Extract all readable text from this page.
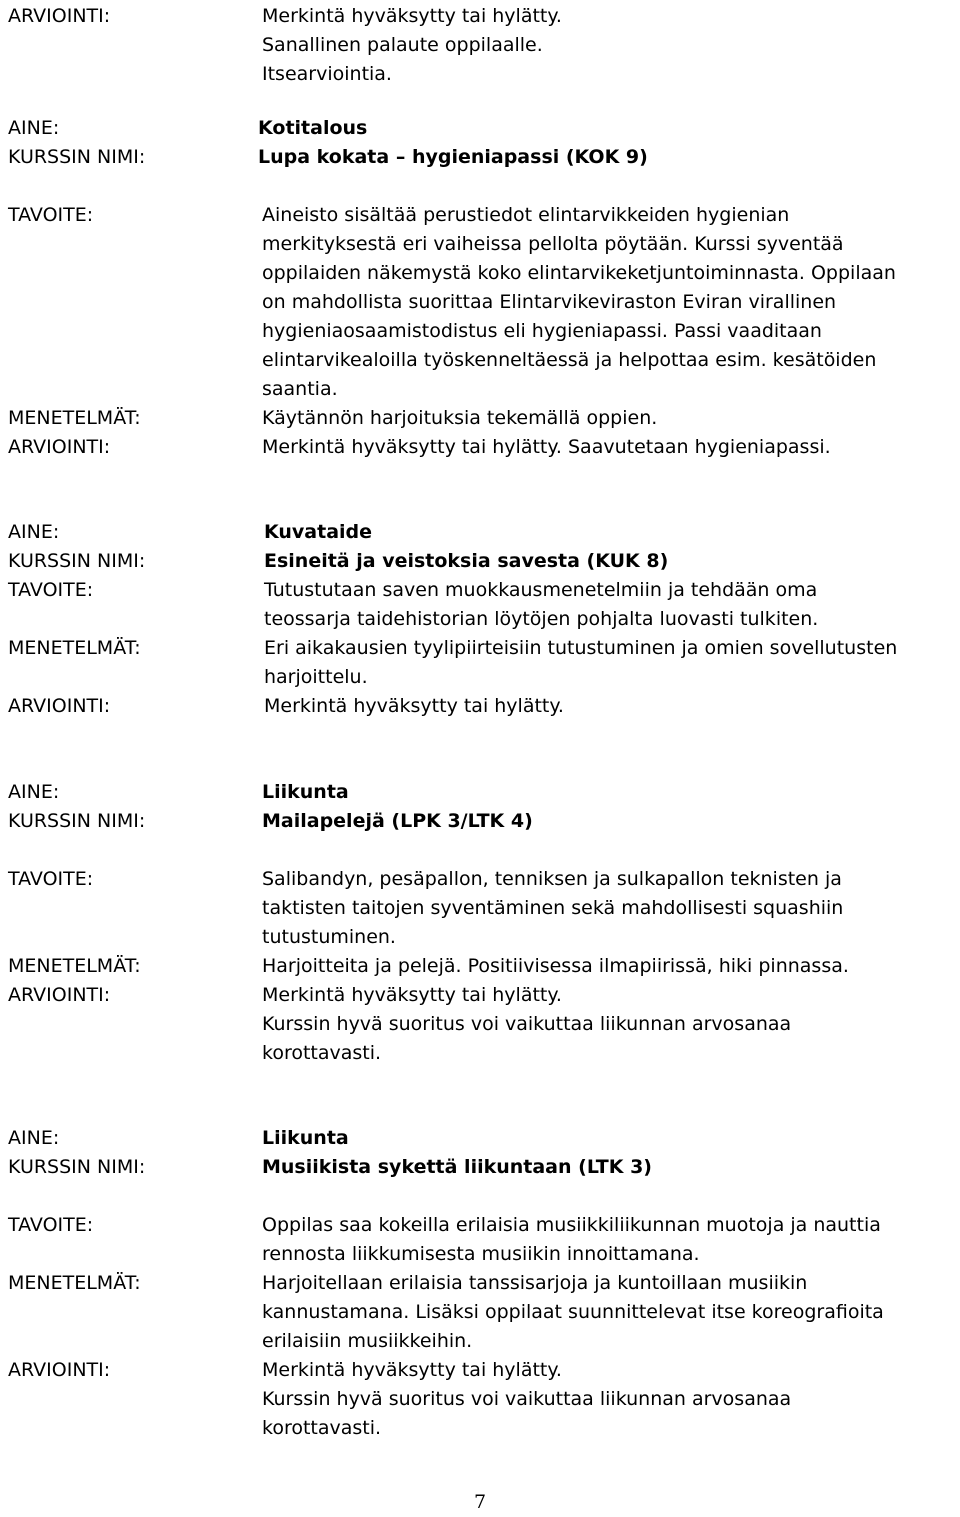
ARVIOINTI:	Merkintä hyväksytty tai hylätty.
Sanallinen palaute oppilaalle.
Itsearviointia.
AINE:	Kotitalous
KURSSIN NIMI:	Lupa kokata – hygieniapassi (KOK 9)
TAVOITE:	Aineisto sisältää perustiedot elintarvikkeiden hygienian
merkityksestä eri vaiheissa pellolta pöytään. Kurssi syventää
oppilaiden näkemystä koko elintarvikeketjuntoiminnasta. Oppilaan
on mahdollista suorittaa Elintarvikeviraston Eviran virallinen
hygieniaosaamistodistus eli hygieniapassi. Passi vaaditaan
elintarvikealoilla työskenneltäessä ja helpottaa esim. kesätöiden
saantia.
MENETELMÄT:	Käytännön harjoituksia tekemällä oppien.
ARVIOINTI:	Merkintä hyväksytty tai hylätty. Saavutetaan hygieniapassi.
AINE:	Kuvataide
KURSSIN NIMI:	Esineitä ja veistoksia savesta (KUK 8)
TAVOITE:	Tutustutaan saven muokkausmenetelmiin ja tehdään oma
teossarja taidehistorian löytöjen pohjalta luovasti tulkiten.
MENETELMÄT:	Eri aikakausien tyylipiirteisiin tutustuminen ja omien sovellutusten
harjoittelu.
ARVIOINTI:	Merkintä hyväksytty tai hylätty.
AINE:	Liikunta
KURSSIN NIMI:	Mailapelejä (LPK 3/LTK 4)
TAVOITE:	Salibandyn, pesäpallon, tenniksen ja sulkapallon teknisten ja
taktisten taitojen syventäminen sekä mahdollisesti squashiin
tutustuminen.
MENETELMÄT:	Harjoitteita ja pelejä. Positiivisessa ilmapiirissä, hiki pinnassa.
ARVIOINTI:	Merkintä hyväksytty tai hylätty.
Kurssin hyvä suoritus voi vaikuttaa liikunnan arvosanaa
korottavasti.
AINE:	Liikunta
KURSSIN NIMI:	Musiikista sykettä liikuntaan (LTK 3)
TAVOITE:	Oppilas saa kokeilla erilaisia musiikkiliikunnan muotoja ja nauttia
rennosta liikkumisesta musiikin innoittamana.
MENETELMÄT:	Harjoitellaan erilaisia tanssisarjoja ja kuntoillaan musiikin
kannustamana. Lisäksi oppilaat suunnittelevat itse koreografioita
erilaisiin musiikkeihin.
ARVIOINTI:	Merkintä hyväksytty tai hylätty.
Kurssin hyvä suoritus voi vaikuttaa liikunnan arvosanaa
korottavasti.
7
